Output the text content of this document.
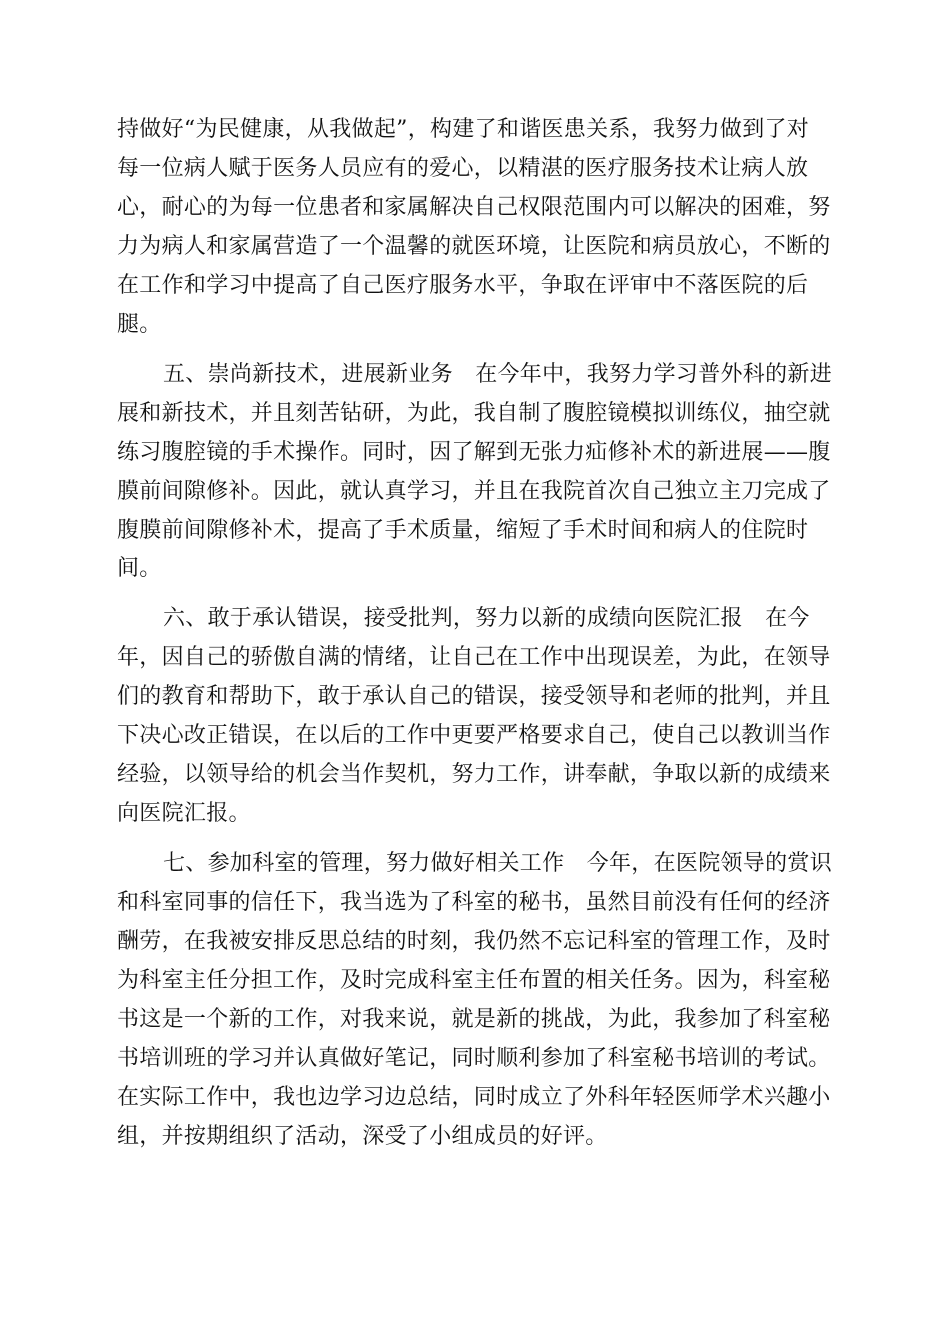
持做好“为民健康，从我做起”，构建了和谐医患关系，我努力做到了对
每一位病人赋于医务人员应有的爱心，以精湛的医疗服务技术让病人放
心，耐心的为每一位患者和家属解决自己权限范围内可以解决的困难，努
力为病人和家属营造了一个温馨的就医环境，让医院和病员放心，不断的
在工作和学习中提高了自己医疗服务水平，争取在评审中不落医院的后
腿。
五、崇尚新技术，进展新业务　在今年中，我努力学习普外科的新进
展和新技术，并且刻苦钻研，为此，我自制了腹腔镜模拟训练仪，抽空就
练习腹腔镜的手术操作。同时，因了解到无张力疝修补术的新进展——腹
膜前间隙修补。因此，就认真学习，并且在我院首次自己独立主刀完成了
腹膜前间隙修补术，提高了手术质量，缩短了手术时间和病人的住院时
间。
六、敢于承认错误，接受批判，努力以新的成绩向医院汇报　在今
年，因自己的骄傲自满的情绪，让自己在工作中出现误差，为此，在领导
们的教育和帮助下，敢于承认自己的错误，接受领导和老师的批判，并且
下决心改正错误，在以后的工作中更要严格要求自己，使自己以教训当作
经验，以领导给的机会当作契机，努力工作，讲奉献，争取以新的成绩来
向医院汇报。
七、参加科室的管理，努力做好相关工作　今年，在医院领导的赏识
和科室同事的信任下，我当选为了科室的秘书，虽然目前没有任何的经济
酬劳，在我被安排反思总结的时刻，我仍然不忘记科室的管理工作，及时
为科室主任分担工作，及时完成科室主任布置的相关任务。因为，科室秘
书这是一个新的工作，对我来说，就是新的挑战，为此，我参加了科室秘
书培训班的学习并认真做好笔记，同时顺利参加了科室秘书培训的考试。
在实际工作中，我也边学习边总结，同时成立了外科年轻医师学术兴趣小
组，并按期组织了活动，深受了小组成员的好评。
